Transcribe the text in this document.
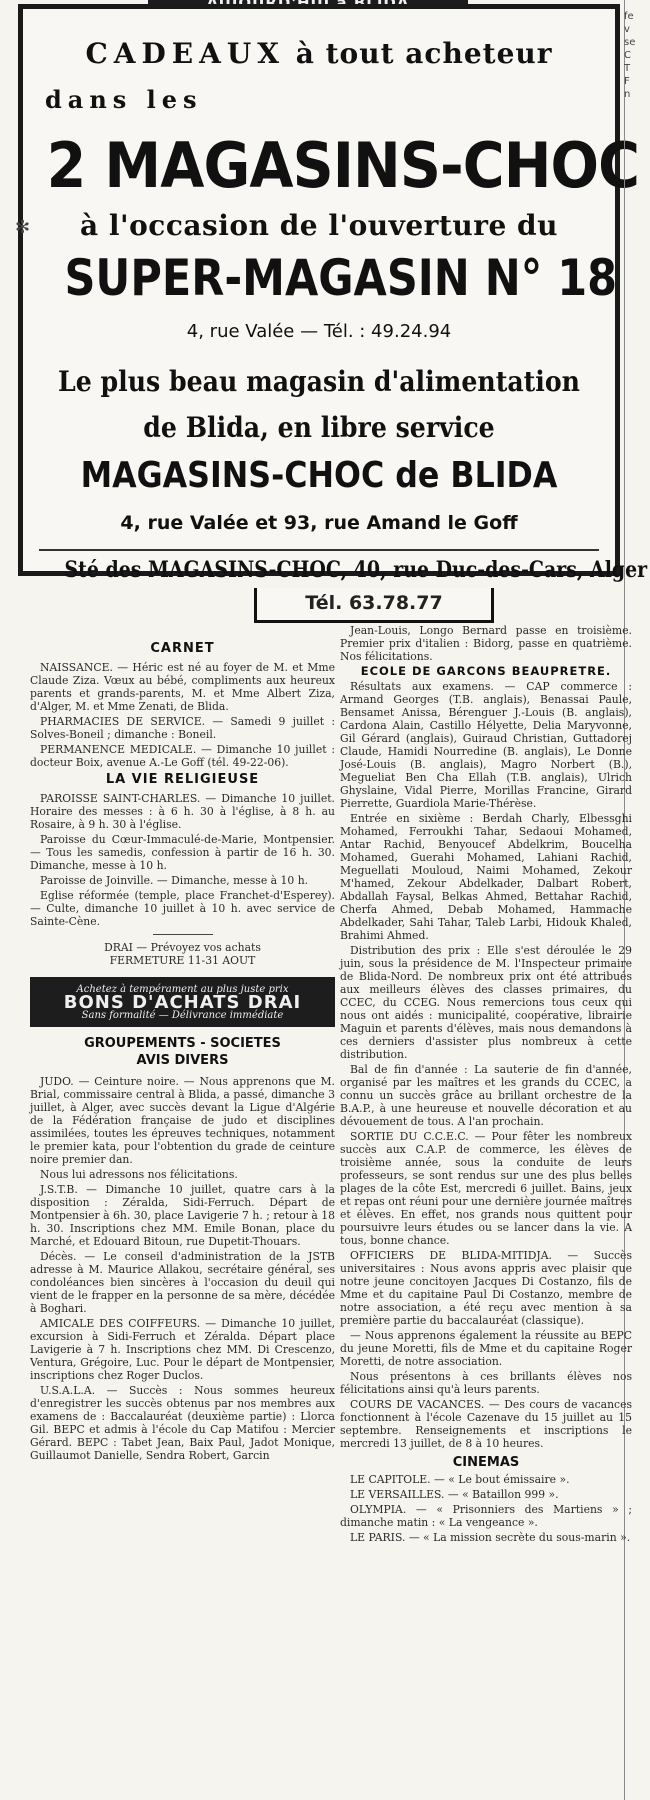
CADEAUX à tout acheteur
dans les
2 MAGASINS-CHOC
à l'occasion de l'ouverture du
✻
SUPER-MAGASIN N° 18
4, rue Valée — Tél. : 49.24.94
Le plus beau magasin d'alimentation
de Blida, en libre service
MAGASINS-CHOC de BLIDA
4, rue Valée et 93, rue Amand le Goff
Sté des MAGASINS-CHOC, 40, rue Duc-des-Cars, Alger
Tél. 63.78.77
fe
v
se
C
T
F
n
CARNET

NAISSANCE. — Héric est né au foyer de M. et Mme Claude Ziza. Vœux au bébé, compliments aux heureux parents et grands-parents, M. et Mme Albert Ziza, d'Alger, M. et Mme Zenati, de Blida.

PHARMACIES DE SERVICE. — Samedi 9 juillet : Solves-Boneil ; dimanche : Boneil.

PERMANENCE MEDICALE. — Dimanche 10 juillet : docteur Boix, avenue A.-Le Goff (tél. 49-22-06).

LA VIE RELIGIEUSE

PAROISSE SAINT-CHARLES. — Dimanche 10 juillet. Horaire des messes : à 6 h. 30 à l'église, à 8 h. au Rosaire, à 9 h. 30 à l'église.

Paroisse du Cœur-Immaculé-de-Marie, Montpensier. — Tous les samedis, confession à partir de 16 h. 30. Dimanche, messe à 10 h.

Paroisse de Joinville. — Dimanche, messe à 10 h.

Eglise réformée (temple, place Franchet-d'Esperey). — Culte, dimanche 10 juillet à 10 h. avec service de Sainte-Cène.

DRAI — Prévoyez vos achats
FERMETURE 11-31 AOUT
Achetez à tempérament au plus juste prix
BONS D'ACHATS DRAI
Sans formalité — Délivrance immédiate
GROUPEMENTS - SOCIETES
AVIS DIVERS

JUDO. — Ceinture noire. — Nous apprenons que M. Brial, commissaire central à Blida, a passé, dimanche 3 juillet, à Alger, avec succès devant la Ligue d'Algérie de la Fédération française de judo et disciplines assimilées, toutes les épreuves techniques, notamment le premier kata, pour l'obtention du grade de ceinture noire premier dan.

Nous lui adressons nos félicitations.

J.S.T.B. — Dimanche 10 juillet, quatre cars à la disposition : Zéralda, Sidi-Ferruch. Départ de Montpensier à 6h. 30, place Lavigerie 7 h. ; retour à 18 h. 30. Inscriptions chez MM. Emile Bonan, place du Marché, et Edouard Bitoun, rue Dupetit-Thouars.

Décès. — Le conseil d'administration de la JSTB adresse à M. Maurice Allakou, secrétaire général, ses condoléances bien sincères à l'occasion du deuil qui vient de le frapper en la personne de sa mère, décédée à Boghari.

AMICALE DES COIFFEURS. — Dimanche 10 juillet, excursion à Sidi-Ferruch et Zéralda. Départ place Lavigerie à 7 h. Inscriptions chez MM. Di Crescenzo, Ventura, Grégoire, Luc. Pour le départ de Montpensier, inscriptions chez Roger Duclos.

U.S.A.L.A. — Succès : Nous sommes heureux d'enregistrer les succès obtenus par nos membres aux examens de : Baccalauréat (deuxième partie) : Llorca Gil. BEPC et admis à l'école du Cap Matifou : Mercier Gérard. BEPC : Tabet Jean, Baix Paul, Jadot Monique, Guillaumot Danielle, Sendra Robert, Garcin

Jean-Louis, Longo Bernard passe en troisième. Premier prix d'italien : Bidorg, passe en quatrième. Nos félicitations.

ECOLE DE GARCONS BEAUPRETRE.

Résultats aux examens. — CAP commerce : Armand Georges (T.B. anglais), Benassai Paule, Bensamet Anissa, Bérenguer J.-Louis (B. anglais), Cardona Alain, Castillo Hélyette, Delia Maryvonne, Gil Gérard (anglais), Guiraud Christian, Guttadorej Claude, Hamidi Nourredine (B. anglais), Le Donne José-Louis (B. anglais), Magro Norbert (B.), Megueliat Ben Cha Ellah (T.B. anglais), Ulrich Ghyslaine, Vidal Pierre, Morillas Francine, Girard Pierrette, Guardiola Marie-Thérèse.

Entrée en sixième : Berdah Charly, Elbessghi Mohamed, Ferroukhi Tahar, Sedaoui Mohamed, Antar Rachid, Benyoucef Abdelkrim, Boucelha Mohamed, Guerahi Mohamed, Lahiani Rachid, Meguellati Mouloud, Naimi Mohamed, Zekour M'hamed, Zekour Abdelkader, Dalbart Robert, Abdallah Faysal, Belkas Ahmed, Bettahar Rachid, Cherfa Ahmed, Debab Mohamed, Hammache Abdelkader, Sahi Tahar, Taleb Larbi, Hidouk Khaled, Brahimi Ahmed.

Distribution des prix : Elle s'est déroulée le 29 juin, sous la présidence de M. l'Inspecteur primaire de Blida-Nord. De nombreux prix ont été attribués aux meilleurs élèves des classes primaires, du CCEC, du CCEG. Nous remercions tous ceux qui nous ont aidés : municipalité, coopérative, librairie Maguin et parents d'élèves, mais nous demandons à ces derniers d'assister plus nombreux à cette distribution.

Bal de fin d'année : La sauterie de fin d'année, organisé par les maîtres et les grands du CCEC, a connu un succès grâce au brillant orchestre de la B.A.P., à une heureuse et nouvelle décoration et au dévouement de tous. A l'an prochain.

SORTIE DU C.C.E.C. — Pour fêter les nombreux succès aux C.A.P. de commerce, les élèves de troisième année, sous la conduite de leurs professeurs, se sont rendus sur une des plus belles plages de la côte Est, mercredi 6 juillet. Bains, jeux et repas ont réuni pour une dernière journée maîtres et élèves. En effet, nos grands nous quittent pour poursuivre leurs études ou se lancer dans la vie. A tous, bonne chance.

OFFICIERS DE BLIDA-MITIDJA. — Succès universitaires : Nous avons appris avec plaisir que notre jeune concitoyen Jacques Di Costanzo, fils de Mme et du capitaine Paul Di Costanzo, membre de notre association, a été reçu avec mention à sa première partie du baccalauréat (classique).

— Nous apprenons également la réussite au BEPC du jeune Moretti, fils de Mme et du capitaine Roger Moretti, de notre association.

Nous présentons à ces brillants élèves nos félicitations ainsi qu'à leurs parents.

COURS DE VACANCES. — Des cours de vacances fonctionnent à l'école Cazenave du 15 juillet au 15 septembre. Renseignements et inscriptions le mercredi 13 juillet, de 8 à 10 heures.

CINEMAS

LE CAPITOLE. — « Le bout émissaire ».

LE VERSAILLES. — « Bataillon 999 ».

OLYMPIA. — « Prisonniers des Martiens » ; dimanche matin : « La vengeance ».

LE PARIS. — « La mission secrète du sous-marin ».
